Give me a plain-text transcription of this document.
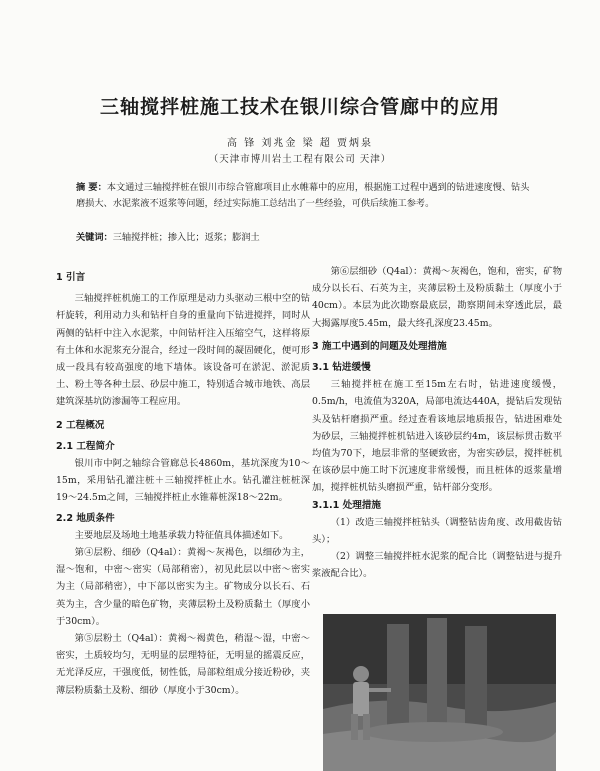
三轴搅拌桩施工技术在银川综合管廊中的应用
高 锋 刘兆金 梁 超 贾炳泉
（天津市博川岩土工程有限公司 天津）

摘 要：本文通过三轴搅拌桩在银川市综合管廊项目止水帷幕中的应用，根据施工过程中遇到的钻进速度慢、钻头磨损大、水泥浆液不返浆等问题，经过实际施工总结出了一些经验，可供后续施工参考。

关键词：三轴搅拌桩；掺入比；返浆；膨润土
1 引言

三轴搅拌桩机施工的工作原理是动力头驱动三根中空的钻杆旋转，利用动力头和钻杆自身的重量向下钻进搅拌，同时从两侧的钻杆中注入水泥浆，中间钻杆注入压缩空气，这样将原有土体和水泥浆充分混合，经过一段时间的凝固硬化，便可形成一段具有较高强度的地下墙体。该设备可在淤泥、淤泥质土、粉土等各种土层、砂层中施工，特别适合城市地铁、高层建筑深基坑防渗漏等工程应用。

2 工程概况
2.1 工程简介

银川市中阿之轴综合管廊总长4860m，基坑深度为10～15m，采用钻孔灌注桩＋三轴搅拌桩止水。钻孔灌注桩桩深19～24.5m之间，三轴搅拌桩止水锥幕桩深18～22m。

2.2 地质条件

主要地层及场地土地基承载力特征值具体描述如下。

第④层粉、细砂（Q4al）：黄褐～灰褐色，以细砂为主，湿～饱和，中密～密实（局部稍密），初见此层以中密～密实为主（局部稍密），中下部以密实为主。矿物成分以长石、石英为主，含少量的暗色矿物，夹薄层粉土及粉质黏土（厚度小于30cm）。

第⑤层粉土（Q4al）：黄褐～褐黄色，稍湿～湿，中密～密实，土质较均匀，无明显的层理特征，无明显的摇震反应，无光泽反应，干强度低，韧性低，局部粒组成分接近粉砂，夹薄层粉质黏土及粉、细砂（厚度小于30cm）。

第⑥层细砂（Q4al）：黄褐～灰褐色，饱和，密实，矿物成分以长石、石英为主，夹薄层粉土及粉质黏土（厚度小于40cm）。本层为此次勘察最底层，勘察期间未穿透此层，最大揭露厚度5.45m，最大终孔深度23.45m。

3 施工中遇到的问题及处理措施
3.1 钻进缓慢

三轴搅拌桩在施工至15m左右时，钻进速度缓慢，0.5m/h，电流值为320A，局部电流达440A，提钻后发现钻头及钻杆磨损严重。经过查看该地层地质报告，钻进困难处为砂层，三轴搅拌桩机钻进入该砂层约4m，该层标贯击数平均值为70下，地层非常的坚硬致密，为密实砂层，搅拌桩机在该砂层中施工时下沉速度非常缓慢，而且桩体的返浆量增加，搅拌桩机钻头磨损严重，钻杆部分变形。

3.1.1 处理措施

（1）改造三轴搅拌桩钻头（调整钻齿角度、改用截齿钻头）；

（2）调整三轴搅拌桩水泥浆的配合比（调整钻进与提升浆液配合比）。
